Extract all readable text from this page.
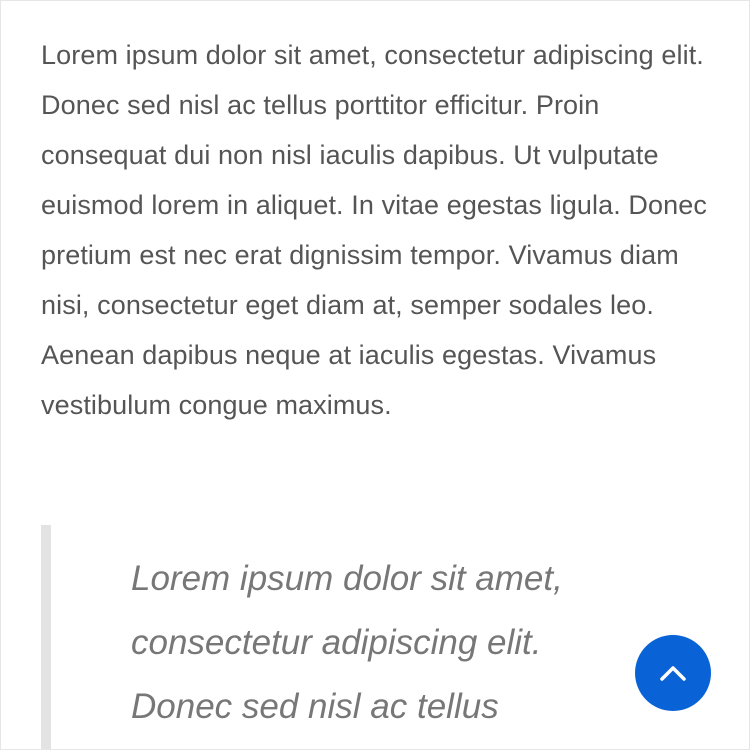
Lorem ipsum dolor sit amet, consectetur adipiscing elit. Donec sed nisl ac tellus porttitor efficitur. Proin consequat dui non nisl iaculis dapibus. Ut vulputate euismod lorem in aliquet. In vitae egestas ligula. Donec pretium est nec erat dignissim tempor. Vivamus diam nisi, consectetur eget diam at, semper sodales leo. Aenean dapibus neque at iaculis egestas. Vivamus vestibulum congue maximus.

Lorem ipsum dolor sit amet, consectetur adipiscing elit. Donec sed nisl ac tellus
